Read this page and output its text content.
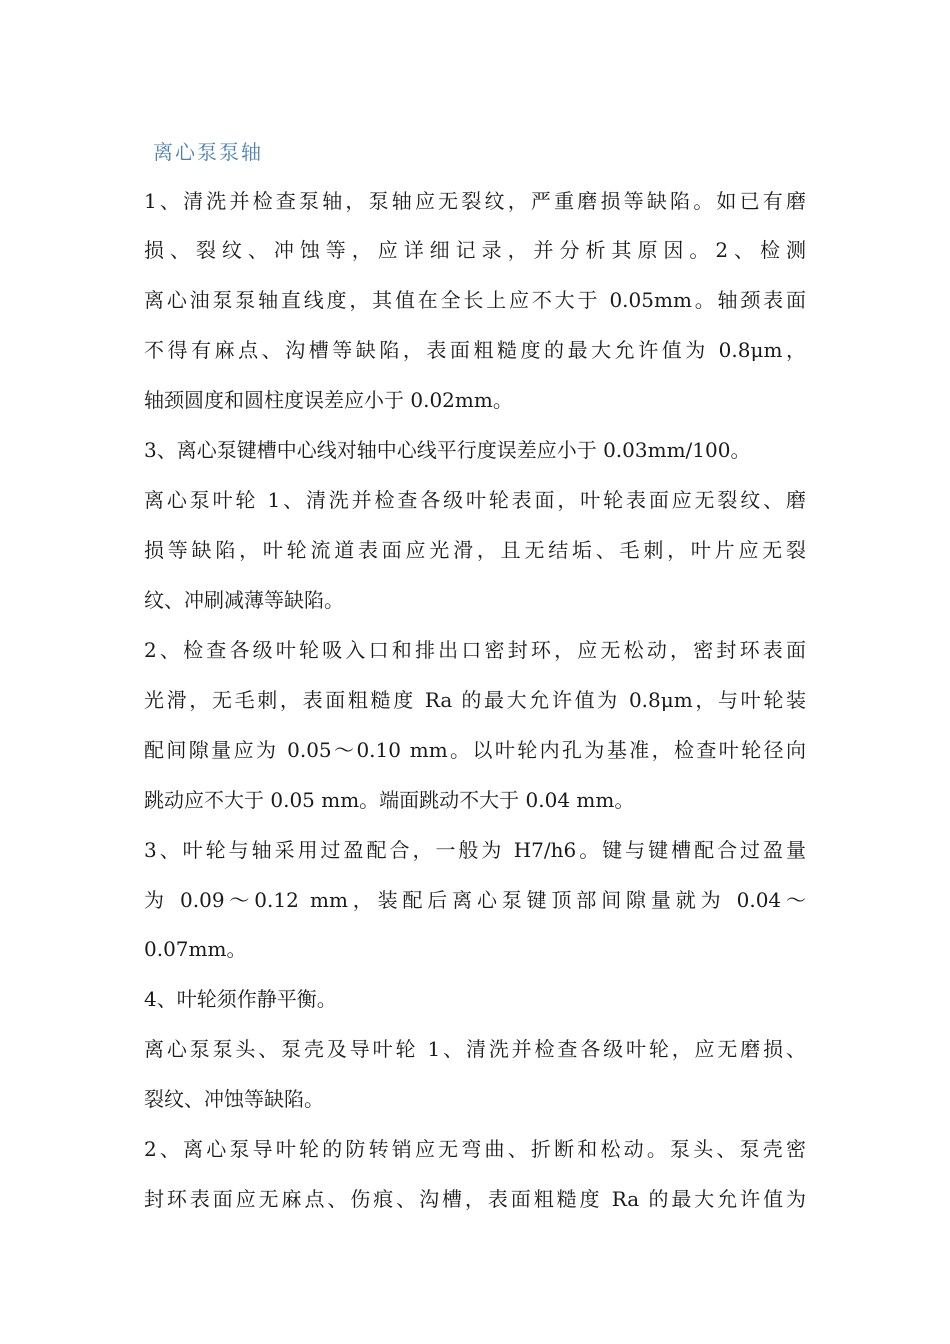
离心泵泵轴
1、清洗并检查泵轴，泵轴应无裂纹，严重磨损等缺陷。如已有磨
损、裂纹、冲蚀等，应详细记录，并分析其原因。2、检测
离心油泵泵轴直线度，其值在全长上应不大于 0.05mm。轴颈表面
不得有麻点、沟槽等缺陷，表面粗糙度的最大允许值为 0.8μm，
轴颈圆度和圆柱度误差应小于 0.02mm。
3、离心泵键槽中心线对轴中心线平行度误差应小于 0.03mm/100。
离心泵叶轮 1、清洗并检查各级叶轮表面，叶轮表面应无裂纹、磨
损等缺陷，叶轮流道表面应光滑，且无结垢、毛刺，叶片应无裂
纹、冲刷减薄等缺陷。
2、检查各级叶轮吸入口和排出口密封环，应无松动，密封环表面
光滑，无毛刺，表面粗糙度 Ra 的最大允许值为 0.8μm，与叶轮装
配间隙量应为 0.05～0.10 mm。以叶轮内孔为基准，检查叶轮径向
跳动应不大于 0.05 mm。端面跳动不大于 0.04 mm。
3、叶轮与轴采用过盈配合，一般为 H7/h6。键与键槽配合过盈量
为 0.09～0.12 mm，装配后离心泵键顶部间隙量就为 0.04～
0.07mm。
4、叶轮须作静平衡。
离心泵泵头、泵壳及导叶轮 1、清洗并检查各级叶轮，应无磨损、
裂纹、冲蚀等缺陷。
2、离心泵导叶轮的防转销应无弯曲、折断和松动。泵头、泵壳密
封环表面应无麻点、伤痕、沟槽，表面粗糙度 Ra 的最大允许值为
